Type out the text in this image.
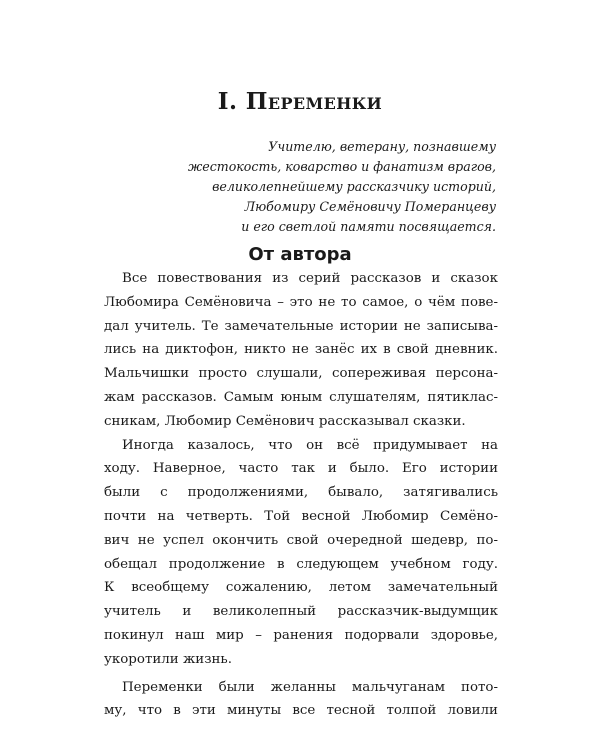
I. Переменки
Учителю, ветерану, познавшему
жестокость, коварство и фанатизм врагов,
великолепнейшему рассказчику историй,
Любомиру Семёновичу Померанцеву
и его светлой памяти посвящается.
От автора
Все повествования из серий рассказов и сказок
Любомира Семёновича – это не то самое, о чём пове-
дал учитель. Те замечательные истории не записыва-
лись на диктофон, никто не занёс их в свой дневник.
Мальчишки просто слушали, сопереживая персона-
жам рассказов. Самым юным слушателям, пятиклас-
сникам, Любомир Семёнович рассказывал сказки.
Иногда казалось, что он всё придумывает на
ходу. Наверное, часто так и было. Его истории
были с продолжениями, бывало, затягивались
почти на четверть. Той весной Любомир Семёно-
вич не успел окончить свой очередной шедевр, по-
обещал продолжение в следующем учебном году.
К всеобщему сожалению, летом замечательный
учитель и великолепный рассказчик-выдумщик
покинул наш мир – ранения подорвали здоровье,
укоротили жизнь.
Переменки были желанны мальчуганам пото-
му, что в эти минуты все тесной толпой ловили
